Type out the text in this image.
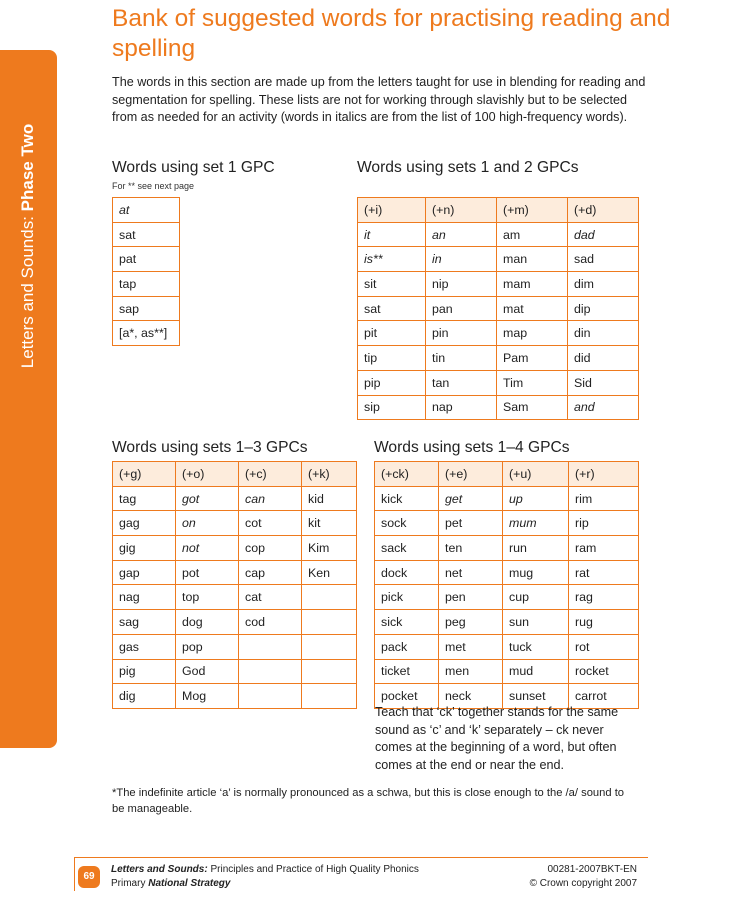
Letters and Sounds: Phase Two
Bank of suggested words for practising reading and spelling

The words in this section are made up from the letters taught for use in blending for reading and segmentation for spelling. These lists are not for working through slavishly but to be selected from as needed for an activity (words in italics are from the list of 100 high-frequency words).

Words using set 1 GPC
For ** see next page
at
sat
pat
tap
sap
[a*, as**]
Words using sets 1 and 2 GPCs
(+i)	(+n)	(+m)	(+d)
it	an	am	dad
is**	in	man	sad
sit	nip	mam	dim
sat	pan	mat	dip
pit	pin	map	din
tip	tin	Pam	did
pip	tan	Tim	Sid
sip	nap	Sam	and
Words using sets 1–3 GPCs
(+g)	(+o)	(+c)	(+k)
tag	got	can	kid
gag	on	cot	kit
gig	not	cop	Kim
gap	pot	cap	Ken
nag	top	cat	
sag	dog	cod	
gas	pop		
pig	God		
dig	Mog		
Words using sets 1–4 GPCs
(+ck)	(+e)	(+u)	(+r)
kick	get	up	rim
sock	pet	mum	rip
sack	ten	run	ram
dock	net	mug	rat
pick	pen	cup	rag
sick	peg	sun	rug
pack	met	tuck	rot
ticket	men	mud	rocket
pocket	neck	sunset	carrot

Teach that ‘ck’ together stands for the same sound as ‘c’ and ‘k’ separately – ck never comes at the beginning of a word, but often comes at the end or near the end.

*The indefinite article ‘a’ is normally pronounced as a schwa, but this is close enough to the /a/ sound to be manageable.

69
Letters and Sounds: Principles and Practice of High Quality Phonics
Primary National Strategy
00281-2007BKT-EN
© Crown copyright 2007
